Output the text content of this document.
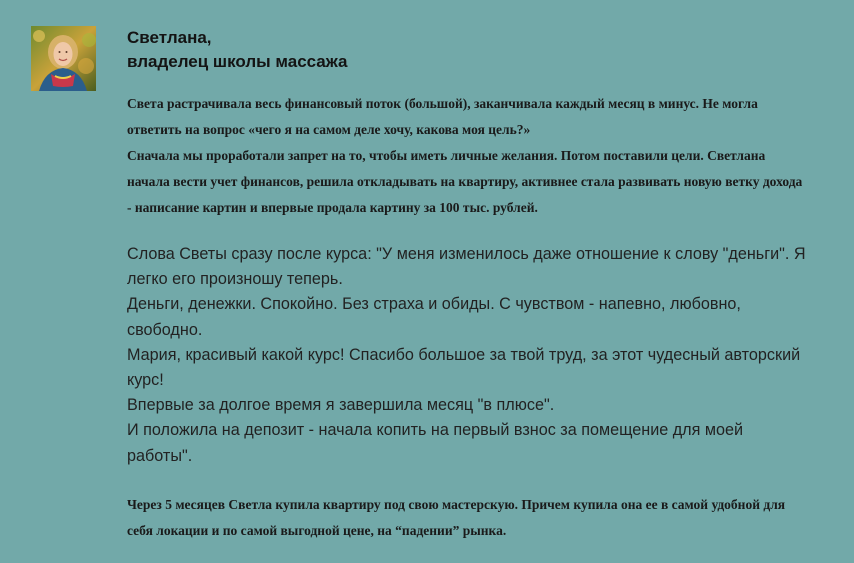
Светлана,

владелец школы массажа

Света растрачивала весь финансовый поток (большой), заканчивала каждый месяц в минус. Не могла ответить на вопрос «чего я на самом деле хочу, какова моя цель?»

Сначала мы проработали запрет на то, чтобы иметь личные желания. Потом поставили цели. Светлана начала вести учет финансов, решила откладывать на квартиру, активнее стала развивать новую ветку дохода - написание картин и впервые продала картину за 100 тыс. рублей.

Слова Светы сразу после курса: "У меня изменилось даже отношение к слову "деньги". Я легко его произношу теперь.

Деньги, денежки. Спокойно. Без страха и обиды. С чувством - напевно, любовно, свободно.

Мария, красивый какой курс! Спасибо большое за твой труд, за этот чудесный авторский курс!

Впервые за долгое время я завершила месяц "в плюсе".

И положила на депозит - начала копить на первый взнос за помещение для моей работы".

Через 5 месяцев Светла купила квартиру под свою мастерскую. Причем купила она ее в самой удобной для себя локации и по самой выгодной цене, на “падении” рынка.
